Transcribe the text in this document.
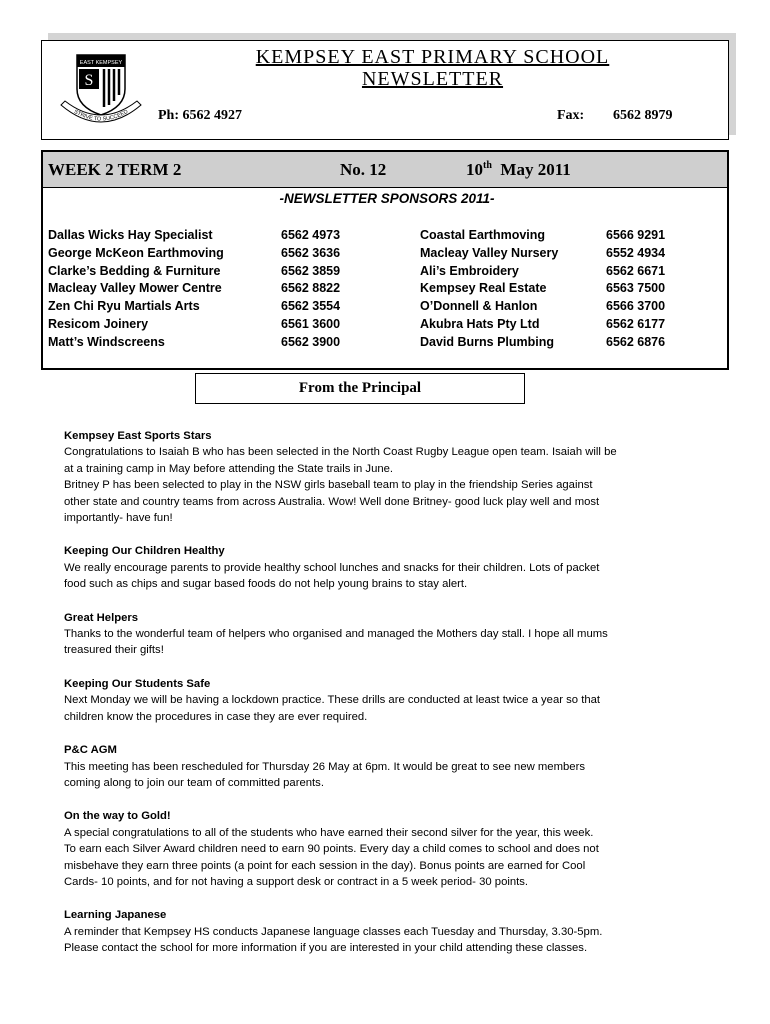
EAST KEMPSEY
S
STRIVE TO SUCCEED
KEMPSEY EAST PRIMARY SCHOOL
NEWSLETTER
Ph: 6562 4927	Fax: 6562 8979
WEEK 2 TERM 2	No. 12	10th May 2011
-NEWSLETTER SPONSORS 2011-
Dallas Wicks Hay Specialist	6562 4973
George McKeon Earthmoving	6562 3636
Clarke’s Bedding & Furniture	6562 3859
Macleay Valley Mower Centre	6562 8822
Zen Chi Ryu Martials Arts	6562 3554
Resicom Joinery	6561 3600
Matt’s Windscreens	6562 3900
Coastal Earthmoving	6566 9291
Macleay Valley Nursery	6552 4934
Ali’s Embroidery	6562 6671
Kempsey Real Estate	6563 7500
O’Donnell & Hanlon	6566 3700
Akubra Hats Pty Ltd	6562 6177
David Burns Plumbing	6562 6876
From the Principal
Kempsey East Sports Stars

Congratulations to Isaiah B who has been selected in the North Coast Rugby League open team. Isaiah will be

at a training camp in May before attending the State trails in June.

Britney P has been selected to play in the NSW girls baseball team to play in the friendship Series against

other state and country teams from across Australia. Wow! Well done Britney- good luck play well and most

importantly- have fun!

Keeping Our Children Healthy

We really encourage parents to provide healthy school lunches and snacks for their children. Lots of packet

food such as chips and sugar based foods do not help young brains to stay alert.

Great Helpers

Thanks to the wonderful team of helpers who organised and managed the Mothers day stall. I hope all mums

treasured their gifts!

Keeping Our Students Safe

Next Monday we will be having a lockdown practice. These drills are conducted at least twice a year so that

children know the procedures in case they are ever required.

P&C AGM

This meeting has been rescheduled for Thursday 26 May at 6pm. It would be great to see new members

coming along to join our team of committed parents.

On the way to Gold!

A special congratulations to all of the students who have earned their second silver for the year, this week.

To earn each Silver Award children need to earn 90 points. Every day a child comes to school and does not

misbehave they earn three points (a point for each session in the day). Bonus points are earned for Cool

Cards- 10 points, and for not having a support desk or contract in a 5 week period- 30 points.

Learning Japanese

A reminder that Kempsey HS conducts Japanese language classes each Tuesday and Thursday, 3.30-5pm.

Please contact the school for more information if you are interested in your child attending these classes.
